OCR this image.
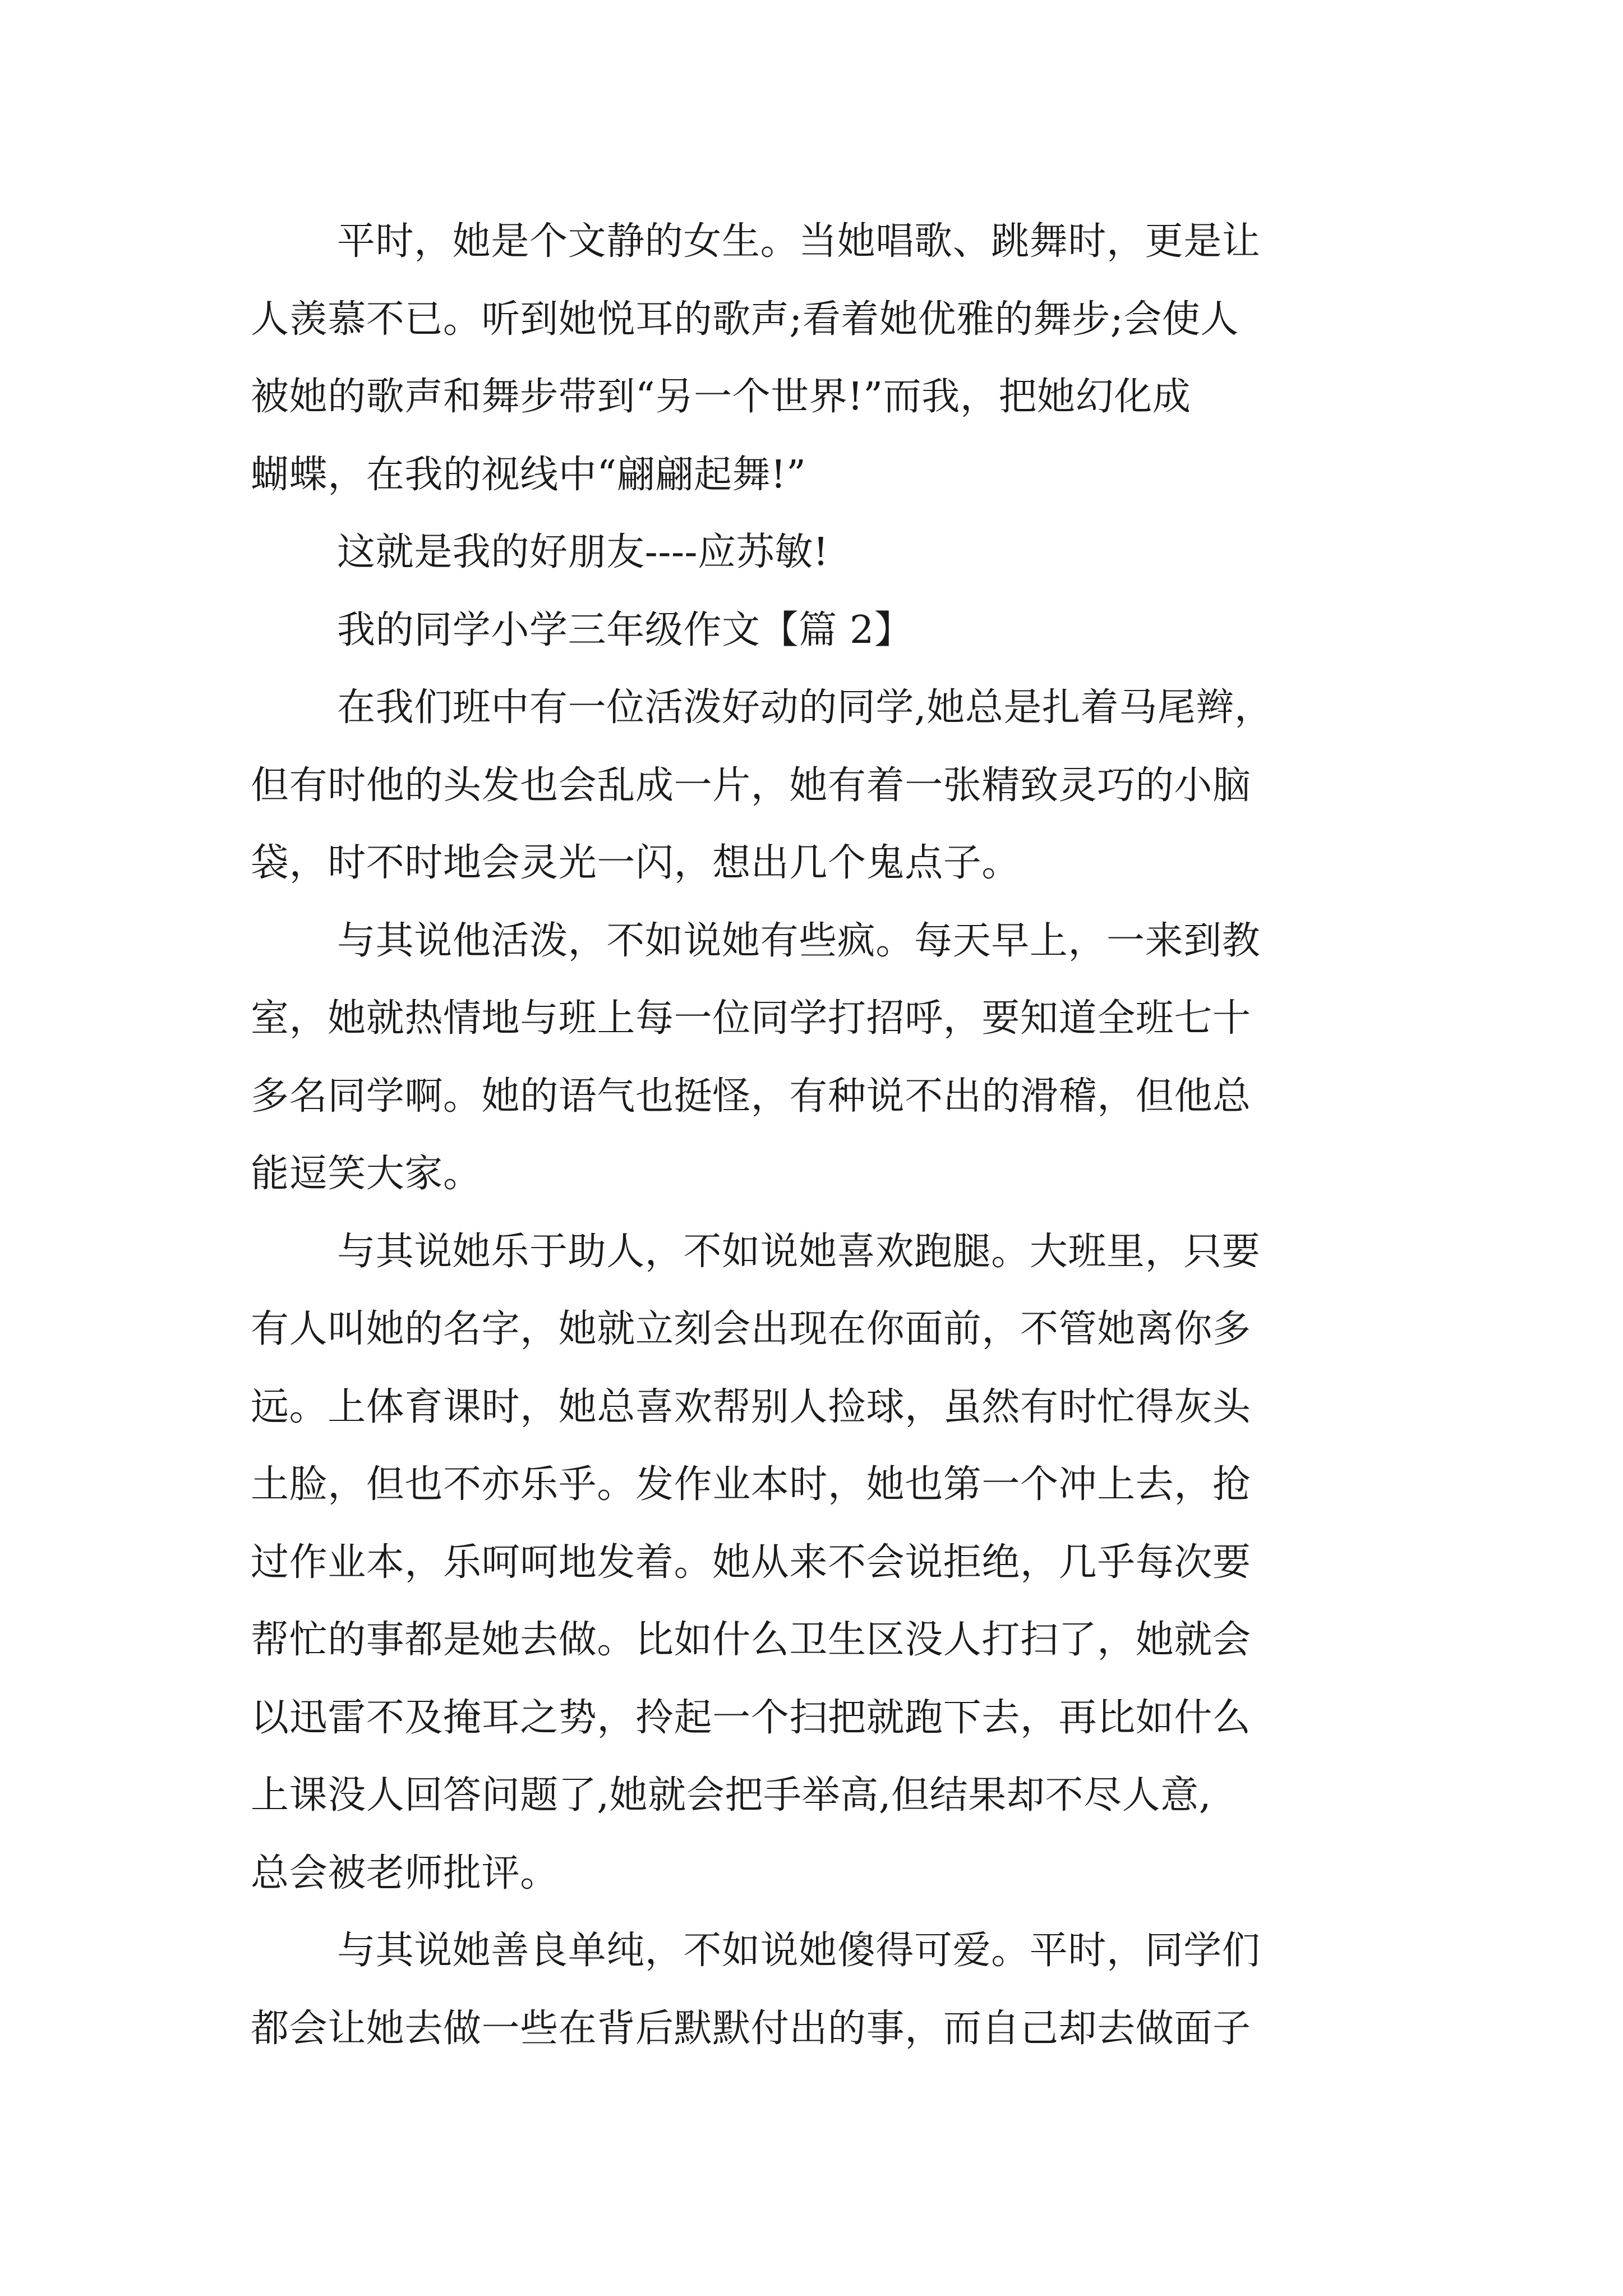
平时，她是个文静的女生。当她唱歌、跳舞时，更是让
人羡慕不已。听到她悦耳的歌声;看着她优雅的舞步;会使人
被她的歌声和舞步带到“另一个世界!”而我，把她幻化成
蝴蝶，在我的视线中“翩翩起舞!”
这就是我的好朋友----应苏敏!
我的同学小学三年级作文【篇 2】
在我们班中有一位活泼好动的同学,她总是扎着马尾辫，
但有时他的头发也会乱成一片，她有着一张精致灵巧的小脑
袋，时不时地会灵光一闪，想出几个鬼点子。
与其说他活泼，不如说她有些疯。每天早上，一来到教
室，她就热情地与班上每一位同学打招呼，要知道全班七十
多名同学啊。她的语气也挺怪，有种说不出的滑稽，但他总
能逗笑大家。
与其说她乐于助人，不如说她喜欢跑腿。大班里，只要
有人叫她的名字，她就立刻会出现在你面前，不管她离你多
远。上体育课时，她总喜欢帮别人捡球，虽然有时忙得灰头
土脸，但也不亦乐乎。发作业本时，她也第一个冲上去，抢
过作业本，乐呵呵地发着。她从来不会说拒绝，几乎每次要
帮忙的事都是她去做。比如什么卫生区没人打扫了，她就会
以迅雷不及掩耳之势，拎起一个扫把就跑下去，再比如什么
上课没人回答问题了,她就会把手举高,但结果却不尽人意,
总会被老师批评。
与其说她善良单纯，不如说她傻得可爱。平时，同学们
都会让她去做一些在背后默默付出的事，而自己却去做面子
